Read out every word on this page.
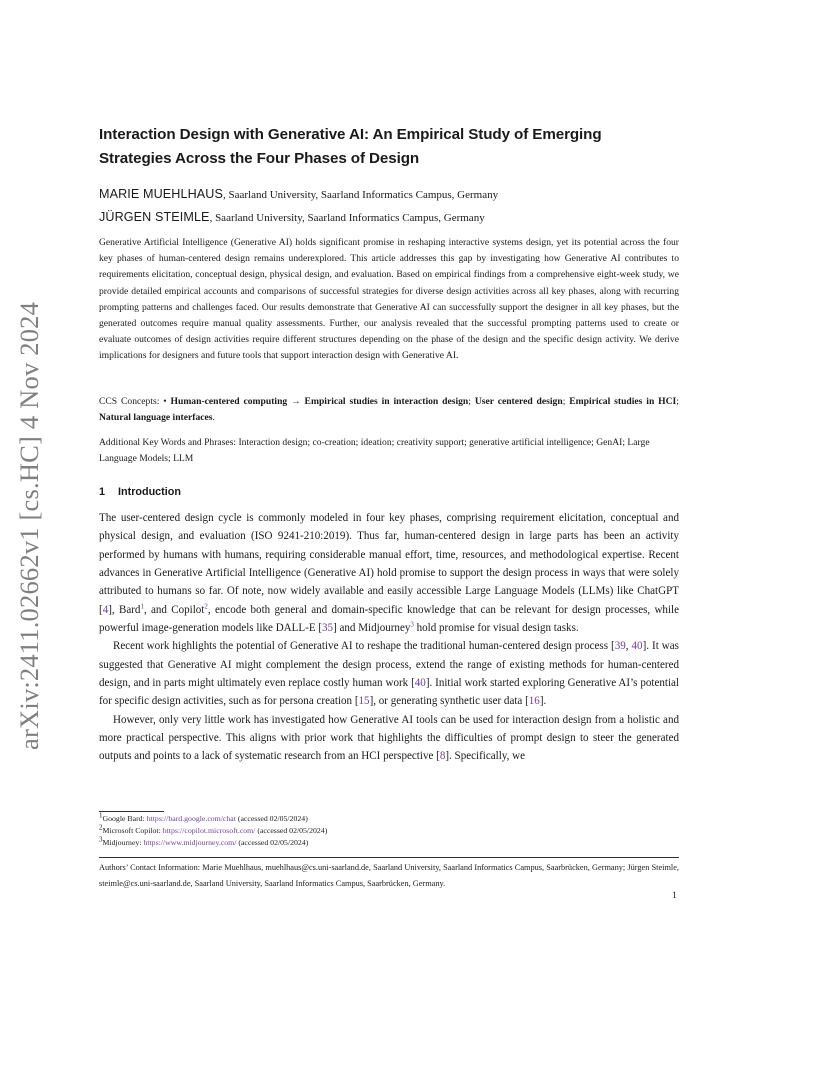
arXiv:2411.02662v1 [cs.HC] 4 Nov 2024
Interaction Design with Generative AI: An Empirical Study of Emerging
Strategies Across the Four Phases of Design
MARIE MUEHLHAUS, Saarland University, Saarland Informatics Campus, Germany
JÜRGEN STEIMLE, Saarland University, Saarland Informatics Campus, Germany
Generative Artificial Intelligence (Generative AI) holds significant promise in reshaping interactive systems design, yet its potential across the four key phases of human-centered design remains underexplored. This article addresses this gap by investigating how Generative AI contributes to requirements elicitation, conceptual design, physical design, and evaluation. Based on empirical findings from a comprehensive eight-week study, we provide detailed empirical accounts and comparisons of successful strategies for diverse design activities across all key phases, along with recurring prompting patterns and challenges faced. Our results demonstrate that Generative AI can successfully support the designer in all key phases, but the generated outcomes require manual quality assessments. Further, our analysis revealed that the successful prompting patterns used to create or evaluate outcomes of design activities require different structures depending on the phase of the design and the specific design activity. We derive implications for designers and future tools that support interaction design with Generative AI.
CCS Concepts: • Human-centered computing → Empirical studies in interaction design; User centered design; Empirical studies in HCI; Natural language interfaces.
Additional Key Words and Phrases: Interaction design; co-creation; ideation; creativity support; generative artificial intelligence; GenAI; Large Language Models; LLM
1 Introduction

The user-centered design cycle is commonly modeled in four key phases, comprising requirement elicitation, conceptual and physical design, and evaluation (ISO 9241-210:2019). Thus far, human-centered design in large parts has been an activity performed by humans with humans, requiring considerable manual effort, time, resources, and methodological expertise. Recent advances in Generative Artificial Intelligence (Generative AI) hold promise to support the design process in ways that were solely attributed to humans so far. Of note, now widely available and easily accessible Large Language Models (LLMs) like ChatGPT [4], Bard$^1$, and Copilot$^2$, encode both general and domain-specific knowledge that can be relevant for design processes, while powerful image-generation models like DALL-E [35] and Midjourney$^3$ hold promise for visual design tasks.

Recent work highlights the potential of Generative AI to reshape the traditional human-centered design process [39, 40]. It was suggested that Generative AI might complement the design process, extend the range of existing methods for human-centered design, and in parts might ultimately even replace costly human work [40]. Initial work started exploring Generative AI’s potential for specific design activities, such as for persona creation [15], or generating synthetic user data [16].

However, only very little work has investigated how Generative AI tools can be used for interaction design from a holistic and more practical perspective. This aligns with prior work that highlights the difficulties of prompt design to steer the generated outputs and points to a lack of systematic research from an HCI perspective [8]. Specifically, we

$^1$Google Bard: https://bard.google.com/chat (accessed 02/05/2024)
$^2$Microsoft Copilot: https://copilot.microsoft.com/ (accessed 02/05/2024)
$^3$Midjourney: https://www.midjourney.com/ (accessed 02/05/2024)
Authors’ Contact Information: Marie Muehlhaus, muehlhaus@cs.uni-saarland.de, Saarland University, Saarland Informatics Campus, Saarbrücken, Germany; Jürgen Steimle, steimle@cs.uni-saarland.de, Saarland University, Saarland Informatics Campus, Saarbrücken, Germany.
1
